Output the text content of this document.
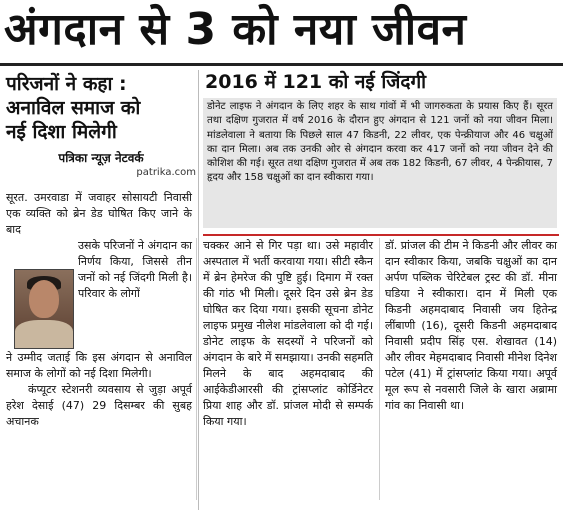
अंगदान से 3 को नया जीवन
परिजनों ने कहा :
अनाविल समाज को
नई दिशा मिलेगी
पत्रिका न्यूज़ नेटवर्क
patrika.com
2016 में 121 को नई जिंदगी
डोनेट लाइफ ने अंगदान के लिए शहर के साथ गांवों में भी जागरुकता के प्रयास किए हैं। सूरत तथा दक्षिण गुजरात में वर्ष 2016 के दौरान हुए अंगदान से 121 जनों को नया जीवन मिला। मांडलेवाला ने बताया कि पिछले साल 47 किडनी, 22 लीवर, एक पेन्क्रीयाज और 46 चक्षुओं का दान मिला। अब तक उनकी ओर से अंगदान करवा कर 417 जनों को नया जीवन देने की कोशिश की गई। सूरत तथा दक्षिण गुजरात में अब तक 182 किडनी, 67 लीवर, 4 पेन्क्रीयास, 7 हृदय और 158 चक्षुओं का दान स्वीकारा गया।

सूरत. उमरवाडा में जवाहर सोसायटी निवासी एक व्यक्ति को ब्रेन डेड घोषित किए जाने के बाद

उसके परिजनों ने अंगदान का निर्णय किया, जिससे तीन जनों को नई जिंदगी मिली है। परिवार के लोगों

ने उम्मीद जताई कि इस अंगदान से अनाविल समाज के लोगों को नई दिशा मिलेगी।

कंप्यूटर स्टेशनरी व्यवसाय से जुड़ा अपूर्व हरेश देसाई (47) 29 दिसम्बर की सुबह अचानक

चक्कर आने से गिर पड़ा था। उसे महावीर अस्पताल में भर्ती करवाया गया। सीटी स्कैन में ब्रेन हेमरेज की पुष्टि हुई। दिमाग में रक्त की गांठ भी मिली। दूसरे दिन उसे ब्रेन डेड घोषित कर दिया गया। इसकी सूचना डोनेट लाइफ प्रमुख नीलेश मांडलेवाला को दी गई। डोनेट लाइफ के सदस्यों ने परिजनों को अंगदान के बारे में समझाया। उनकी सहमति मिलने के बाद अहमदाबाद की आईकेडीआरसी की ट्रांसप्लांट कोर्डिनेटर प्रिया शाह और डॉ. प्रांजल मोदी से सम्पर्क किया गया।
डॉ. प्रांजल की टीम ने किडनी और लीवर का दान स्वीकार किया, जबकि चक्षुओं का दान अर्पण पब्लिक चेरिटेबल ट्रस्ट की डॉ. मीना घडिया ने स्वीकारा। दान में मिली एक किडनी अहमदाबाद निवासी जय हितेन्द्र लींबाणी (16), दूसरी किडनी अहमदाबाद निवासी प्रदीप सिंह एस. शेखावत (14) और लीवर मेहमदाबाद निवासी मीनेश दिनेश पटेल (41) में ट्रांसप्लांट किया गया। अपूर्व मूल रूप से नवसारी जिले के खारा अब्रामा गांव का निवासी था।
